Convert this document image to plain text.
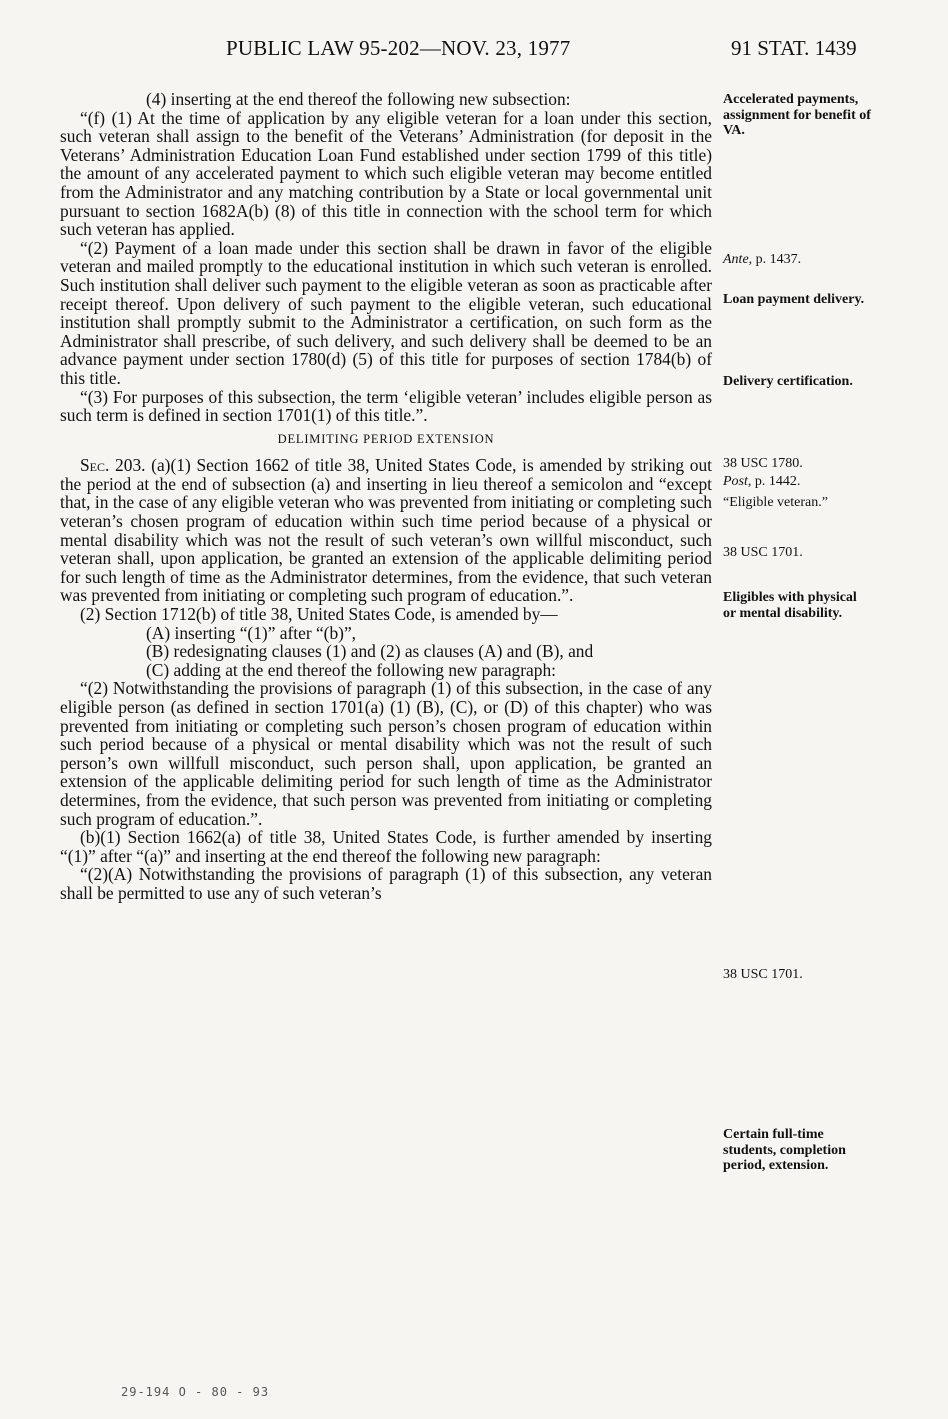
PUBLIC LAW 95-202—NOV. 23, 1977	91 STAT. 1439

(4) inserting at the end thereof the following new subsection:

“(f) (1) At the time of application by any eligible veteran for a loan under this section, such veteran shall assign to the benefit of the Veterans’ Administration (for deposit in the Veterans’ Administration Education Loan Fund established under section 1799 of this title) the amount of any accelerated payment to which such eligible veteran may become entitled from the Administrator and any matching contribution by a State or local governmental unit pursuant to section 1682A(b) (8) of this title in connection with the school term for which such veteran has applied.

“(2) Payment of a loan made under this section shall be drawn in favor of the eligible veteran and mailed promptly to the educational institution in which such veteran is enrolled. Such institution shall deliver such payment to the eligible veteran as soon as practicable after receipt thereof. Upon delivery of such payment to the eligible veteran, such educational institution shall promptly submit to the Administrator a certification, on such form as the Administrator shall prescribe, of such delivery, and such delivery shall be deemed to be an advance payment under section 1780(d) (5) of this title for purposes of section 1784(b) of this title.

“(3) For purposes of this subsection, the term ‘eligible veteran’ includes eligible person as such term is defined in section 1701(1) of this title.”.

DELIMITING PERIOD EXTENSION

Sec. 203. (a)(1) Section 1662 of title 38, United States Code, is amended by striking out the period at the end of subsection (a) and inserting in lieu thereof a semicolon and “except that, in the case of any eligible veteran who was prevented from initiating or completing such veteran’s chosen program of education within such time period because of a physical or mental disability which was not the result of such veteran’s own willful misconduct, such veteran shall, upon application, be granted an extension of the applicable delimiting period for such length of time as the Administrator determines, from the evidence, that such veteran was prevented from initiating or completing such program of education.”.

(2) Section 1712(b) of title 38, United States Code, is amended by—

(A) inserting “(1)” after “(b)”,

(B) redesignating clauses (1) and (2) as clauses (A) and (B), and

(C) adding at the end thereof the following new paragraph:

“(2) Notwithstanding the provisions of paragraph (1) of this subsection, in the case of any eligible person (as defined in section 1701(a) (1) (B), (C), or (D) of this chapter) who was prevented from initiating or completing such person’s chosen program of education within such period because of a physical or mental disability which was not the result of such person’s own willfull misconduct, such person shall, upon application, be granted an extension of the applicable delimiting period for such length of time as the Administrator determines, from the evidence, that such person was prevented from initiating or completing such program of education.”.

(b)(1) Section 1662(a) of title 38, United States Code, is further amended by inserting “(1)” after “(a)” and inserting at the end thereof the following new paragraph:

“(2)(A) Notwithstanding the provisions of paragraph (1) of this subsection, any veteran shall be permitted to use any of such veteran’s

Accelerated payments, assignment for benefit of VA.
Ante, p. 1437.
Loan payment delivery.
Delivery certification.
38 USC 1780.
Post, p. 1442.
“Eligible veteran.”
38 USC 1701.
Eligibles with physical or mental disability.
38 USC 1701.
Certain full-time students, completion period, extension.
29-194 O - 80 - 93
